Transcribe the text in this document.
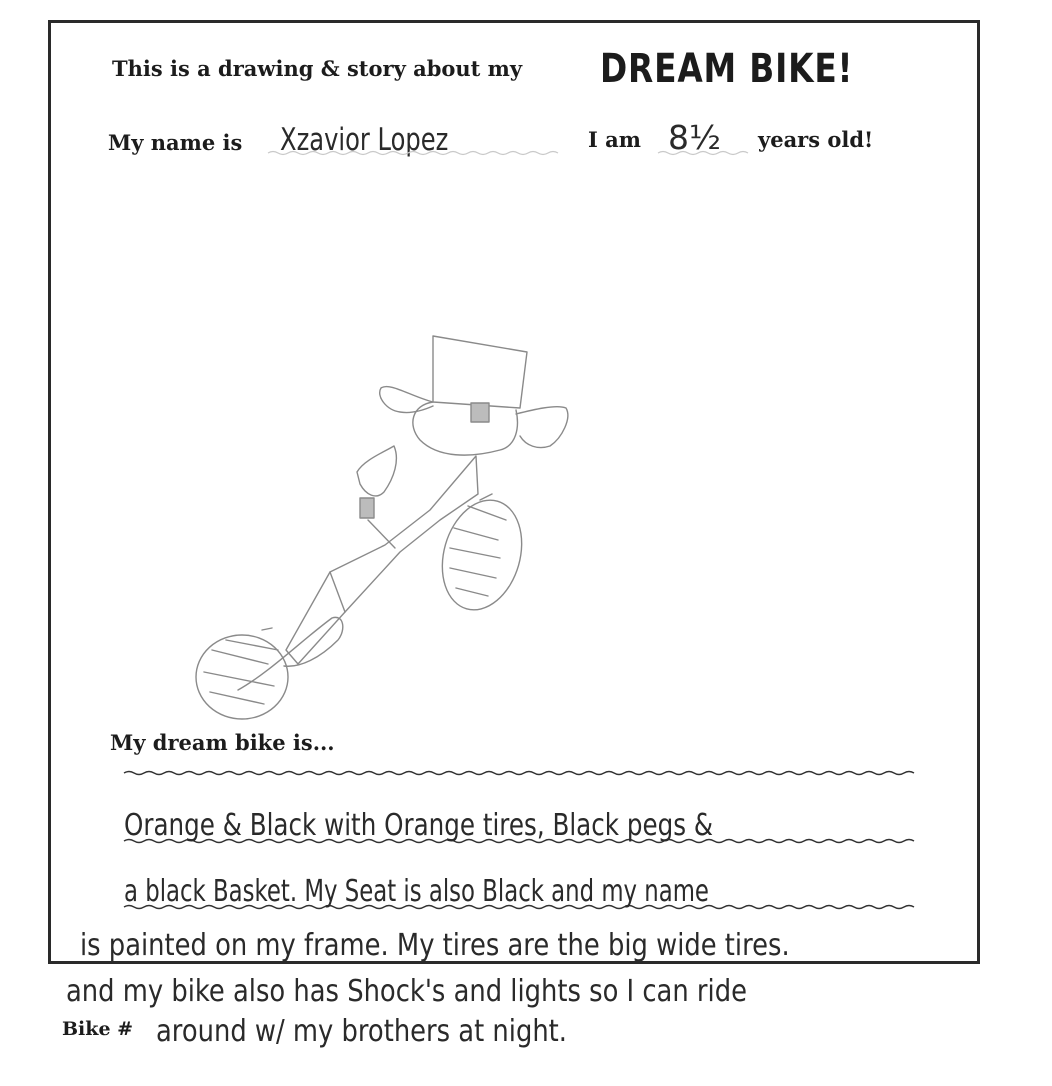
This is a drawing & story about my DREAM BIKE!
My name is Xzavior Lopez	I am 8½ years old!
My dream bike is...
Orange & Black with Orange tires, Black pegs &
a black Basket. My Seat is also Black and my name
is painted on my frame. My tires are the big wide tires.
and my bike also has Shock's and lights so I can ride
around w/ my brothers at night.
Bike #
